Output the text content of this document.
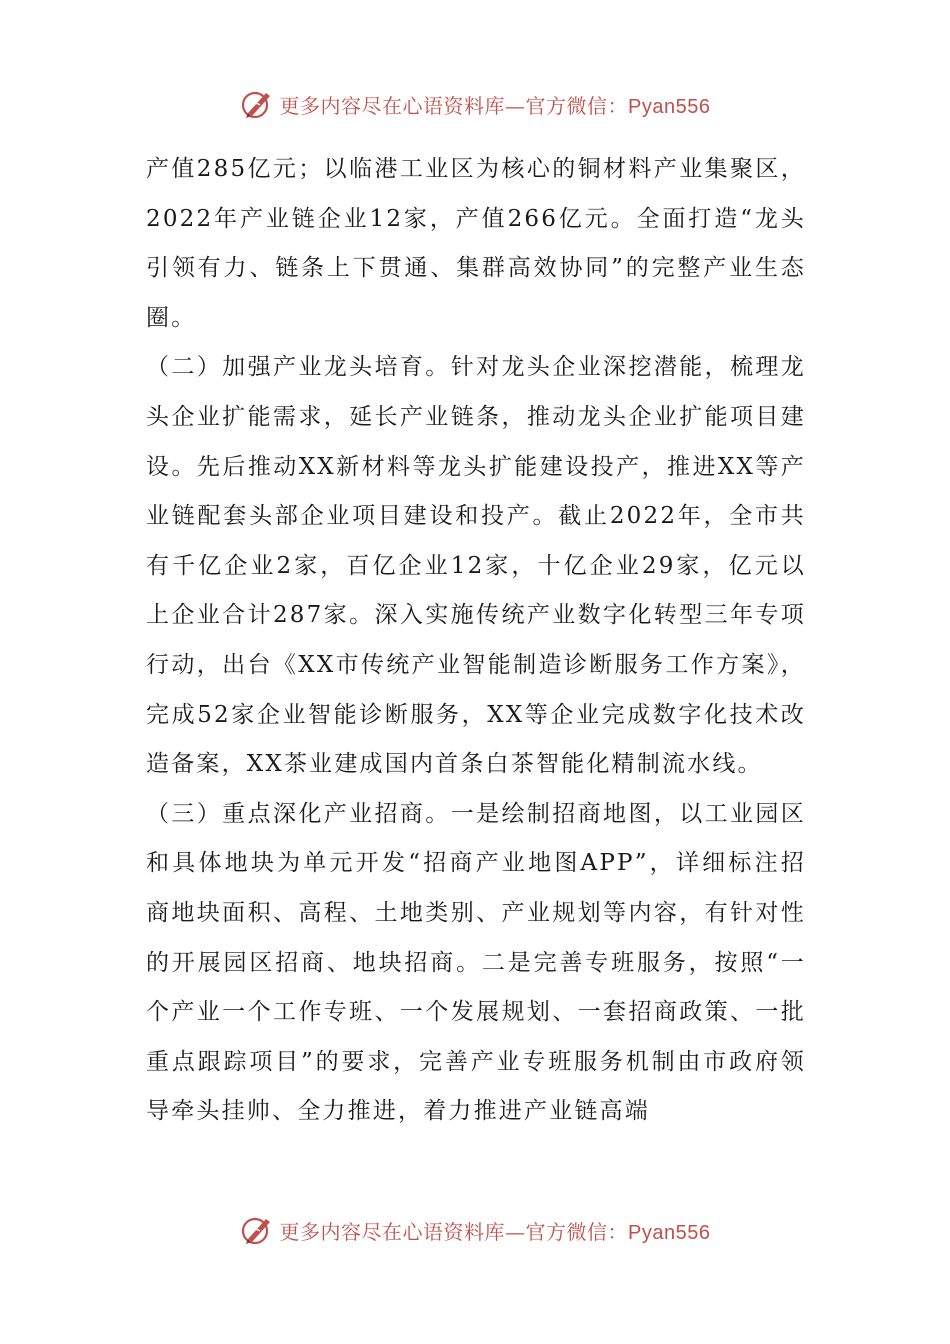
更多内容尽在心语资料库—官方微信：Pyan556

产值285亿元；以临港工业区为核心的铜材料产业集聚区，2022年产业链企业12家，产值266亿元。全面打造“龙头引领有力、链条上下贯通、集群高效协同”的完整产业生态圈。

（二）加强产业龙头培育。针对龙头企业深挖潜能，梳理龙头企业扩能需求，延长产业链条，推动龙头企业扩能项目建设。先后推动XX新材料等龙头扩能建设投产，推进XX等产业链配套头部企业项目建设和投产。截止2022年，全市共有千亿企业2家，百亿企业12家，十亿企业29家，亿元以上企业合计287家。深入实施传统产业数字化转型三年专项行动，出台《XX市传统产业智能制造诊断服务工作方案》，完成52家企业智能诊断服务，XX等企业完成数字化技术改造备案，XX茶业建成国内首条白茶智能化精制流水线。

（三）重点深化产业招商。一是绘制招商地图，以工业园区和具体地块为单元开发“招商产业地图APP”，详细标注招商地块面积、高程、土地类别、产业规划等内容，有针对性的开展园区招商、地块招商。二是完善专班服务，按照“一个产业一个工作专班、一个发展规划、一套招商政策、一批重点跟踪项目”的要求，完善产业专班服务机制由市政府领导牵头挂帅、全力推进，着力推进产业链高端

更多内容尽在心语资料库—官方微信：Pyan556
